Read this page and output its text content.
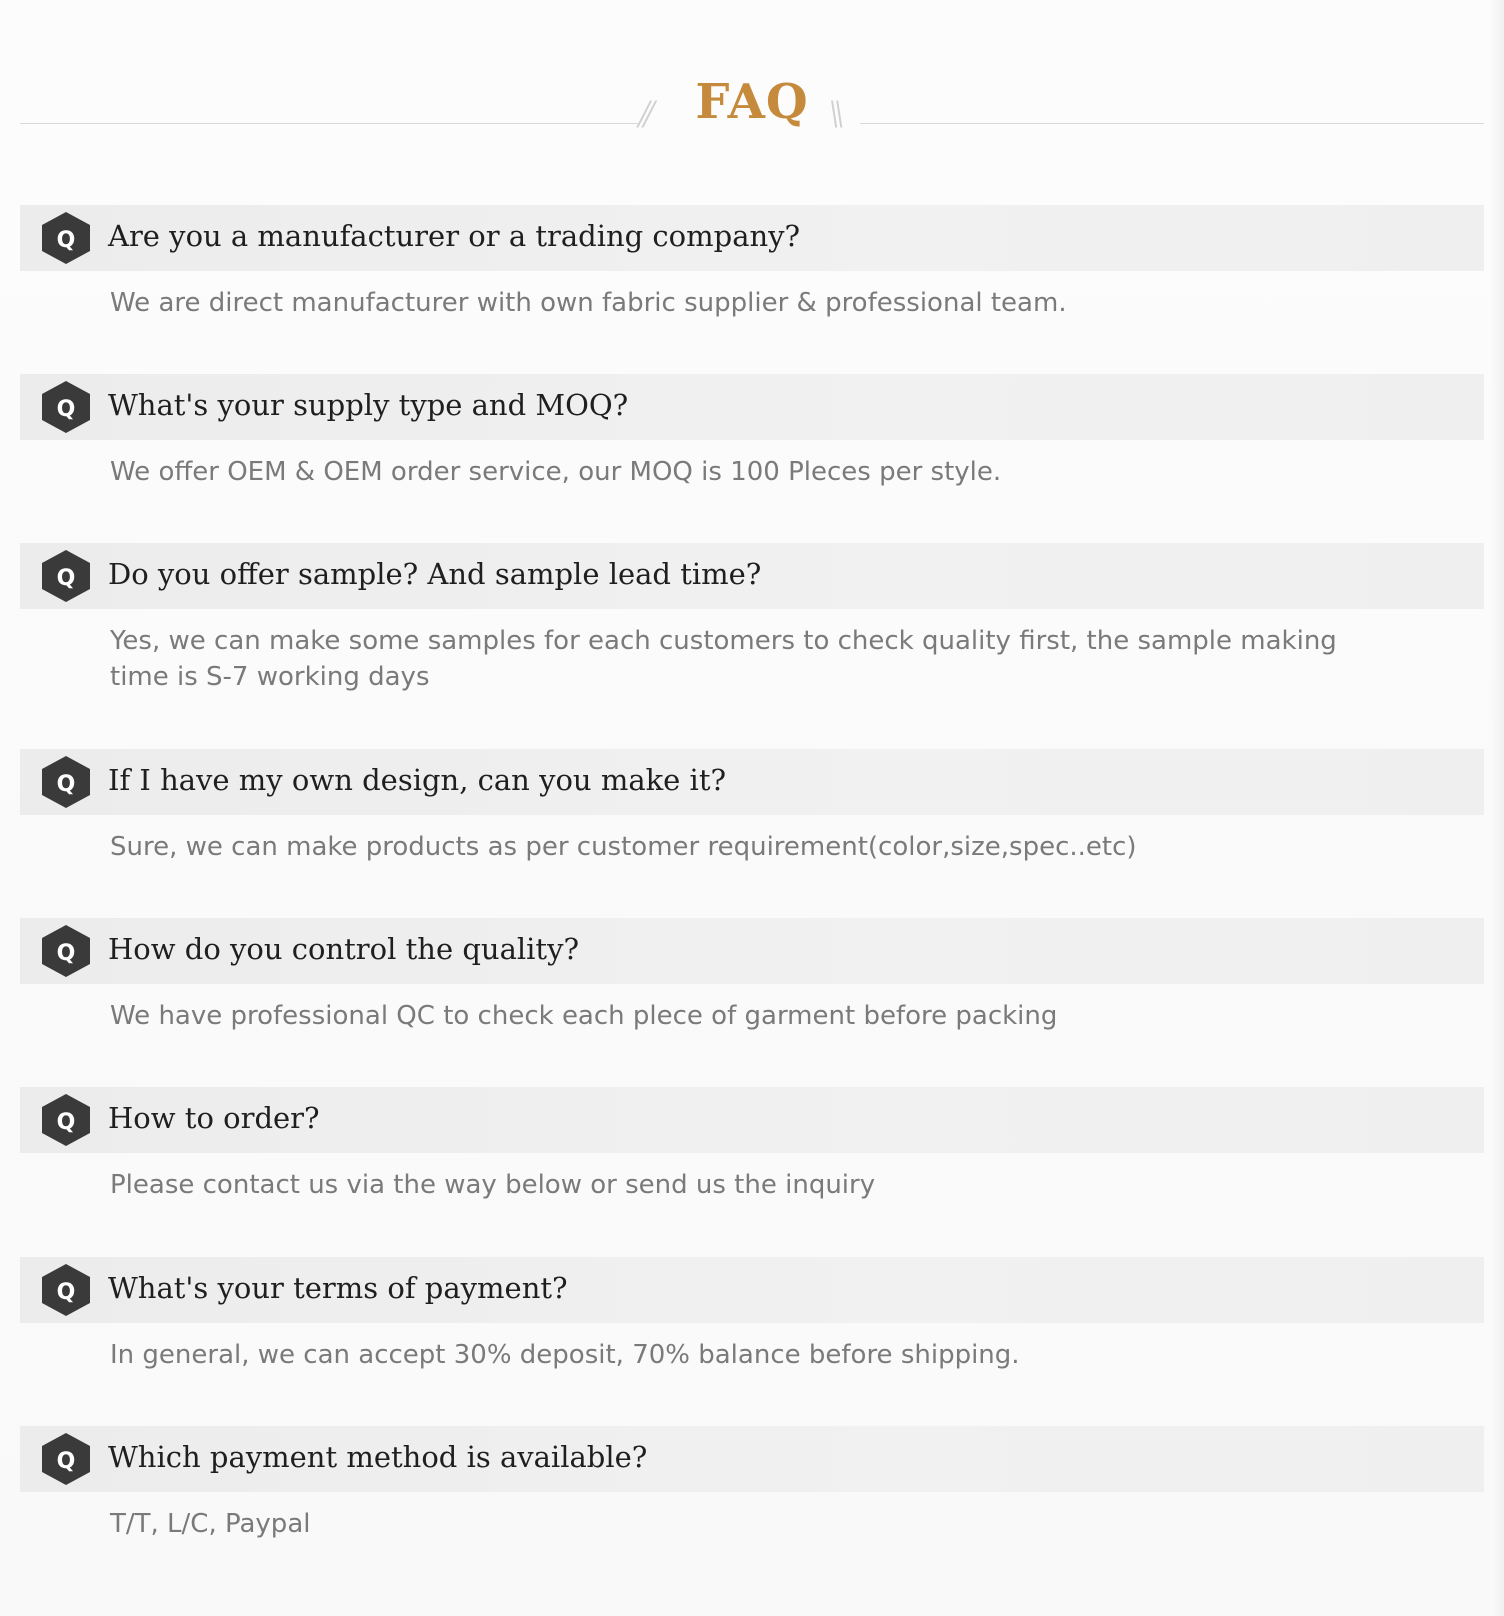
//	\\
FAQ
Q Are you a manufacturer or a trading company?
We are direct manufacturer with own fabric supplier & professional team.
Q What's your supply type and MOQ?
We offer OEM & OEM order service, our MOQ is 100 Pleces per style.
Q Do you offer sample? And sample lead time?
Yes, we can make some samples for each customers to check quality first, the sample making time is S-7 working days
Q If I have my own design, can you make it?
Sure, we can make products as per customer requirement(color,size,spec..etc)
Q How do you control the quality?
We have professional QC to check each plece of garment before packing
Q How to order?
Please contact us via the way below or send us the inquiry
Q What's your terms of payment?
In general, we can accept 30% deposit, 70% balance before shipping.
Q Which payment method is available?
T/T, L/C, Paypal
